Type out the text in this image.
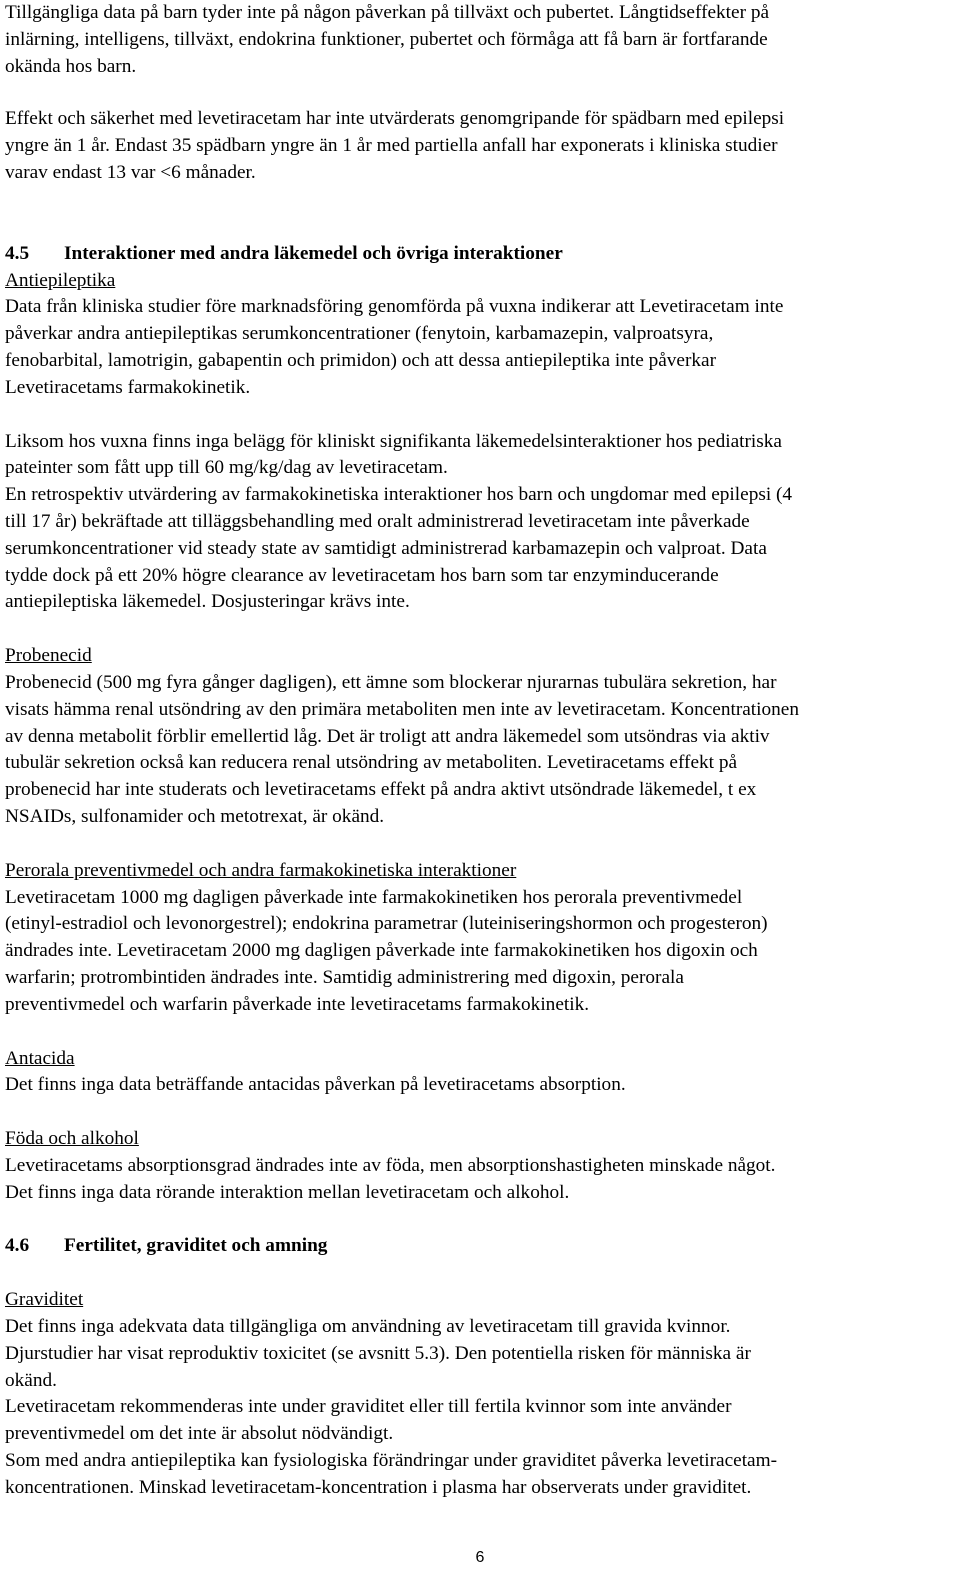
Tillgängliga data på barn tyder inte på någon påverkan på tillväxt och pubertet. Långtidseffekter på
inlärning, intelligens, tillväxt, endokrina funktioner, pubertet och förmåga att få barn är fortfarande
okända hos barn.

Effekt och säkerhet med levetiracetam har inte utvärderats genomgripande för spädbarn med epilepsi
yngre än 1 år. Endast 35 spädbarn yngre än 1 år med partiella anfall har exponerats i kliniska studier
varav endast 13 var <6 månader.

4.5	Interaktioner med andra läkemedel och övriga interaktioner
Antiepileptika

Data från kliniska studier före marknadsföring genomförda på vuxna indikerar att Levetiracetam inte
påverkar andra antiepileptikas serumkoncentrationer (fenytoin, karbamazepin, valproatsyra,
fenobarbital, lamotrigin, gabapentin och primidon) och att dessa antiepileptika inte påverkar
Levetiracetams farmakokinetik.

Liksom hos vuxna finns inga belägg för kliniskt signifikanta läkemedelsinteraktioner hos pediatriska
pateinter som fått upp till 60 mg/kg/dag av levetiracetam.

En retrospektiv utvärdering av farmakokinetiska interaktioner hos barn och ungdomar med epilepsi (4
till 17 år) bekräftade att tilläggsbehandling med oralt administrerad levetiracetam inte påverkade
serumkoncentrationer vid steady state av samtidigt administrerad karbamazepin och valproat. Data
tydde dock på ett 20% högre clearance av levetiracetam hos barn som tar enzyminducerande
antiepileptiska läkemedel. Dosjusteringar krävs inte.

Probenecid

Probenecid (500 mg fyra gånger dagligen), ett ämne som blockerar njurarnas tubulära sekretion, har
visats hämma renal utsöndring av den primära metaboliten men inte av levetiracetam. Koncentrationen
av denna metabolit förblir emellertid låg. Det är troligt att andra läkemedel som utsöndras via aktiv
tubulär sekretion också kan reducera renal utsöndring av metaboliten. Levetiracetams effekt på
probenecid har inte studerats och levetiracetams effekt på andra aktivt utsöndrade läkemedel, t ex
NSAIDs, sulfonamider och metotrexat, är okänd.

Perorala preventivmedel och andra farmakokinetiska interaktioner

Levetiracetam 1000 mg dagligen påverkade inte farmakokinetiken hos perorala preventivmedel
(etinyl-estradiol och levonorgestrel); endokrina parametrar (luteiniseringshormon och progesteron)
ändrades inte. Levetiracetam 2000 mg dagligen påverkade inte farmakokinetiken hos digoxin och
warfarin; protrombintiden ändrades inte. Samtidig administrering med digoxin, perorala
preventivmedel och warfarin påverkade inte levetiracetams farmakokinetik.

Antacida

Det finns inga data beträffande antacidas påverkan på levetiracetams absorption.

Föda och alkohol

Levetiracetams absorptionsgrad ändrades inte av föda, men absorptionshastigheten minskade något.
Det finns inga data rörande interaktion mellan levetiracetam och alkohol.

4.6	Fertilitet, graviditet och amning
Graviditet

Det finns inga adekvata data tillgängliga om användning av levetiracetam till gravida kvinnor.
Djurstudier har visat reproduktiv toxicitet (se avsnitt 5.3). Den potentiella risken för människa är
okänd.

Levetiracetam rekommenderas inte under graviditet eller till fertila kvinnor som inte använder
preventivmedel om det inte är absolut nödvändigt.

Som med andra antiepileptika kan fysiologiska förändringar under graviditet påverka levetiracetam-
koncentrationen. Minskad levetiracetam-koncentration i plasma har observerats under graviditet.

6
